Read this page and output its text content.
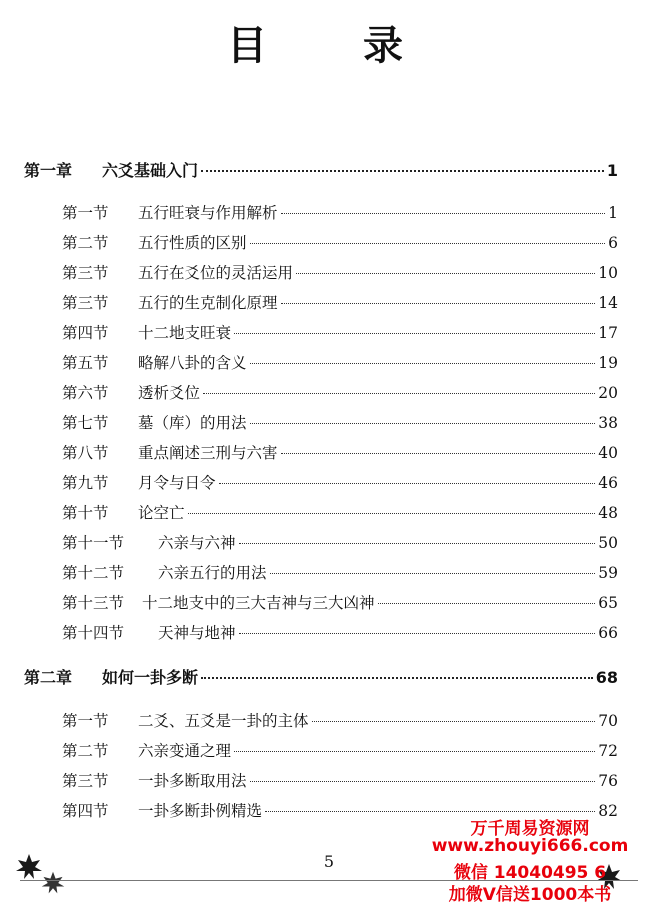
目　录
第一章	六爻基础入门	1
第一节	五行旺衰与作用解析	1
第二节	五行性质的区别	6
第三节	五行在爻位的灵活运用	10
第三节	五行的生克制化原理	14
第四节	十二地支旺衰	17
第五节	略解八卦的含义	19
第六节	透析爻位	20
第七节	墓（库）的用法	38
第八节	重点阐述三刑与六害	40
第九节	月令与日令	46
第十节	论空亡	48
第十一节	六亲与六神	50
第十二节	六亲五行的用法	59
第十三节	十二地支中的三大吉神与三大凶神	65
第十四节	天神与地神	66
第二章	如何一卦多断	68
第一节	二爻、五爻是一卦的主体	70
第二节	六亲变通之理	72
第三节	一卦多断取用法	76
第四节	一卦多断卦例精选	82
5
万千周易资源网
www.zhouyi666.com
微信 14040495 6
加微V信送1000本书
